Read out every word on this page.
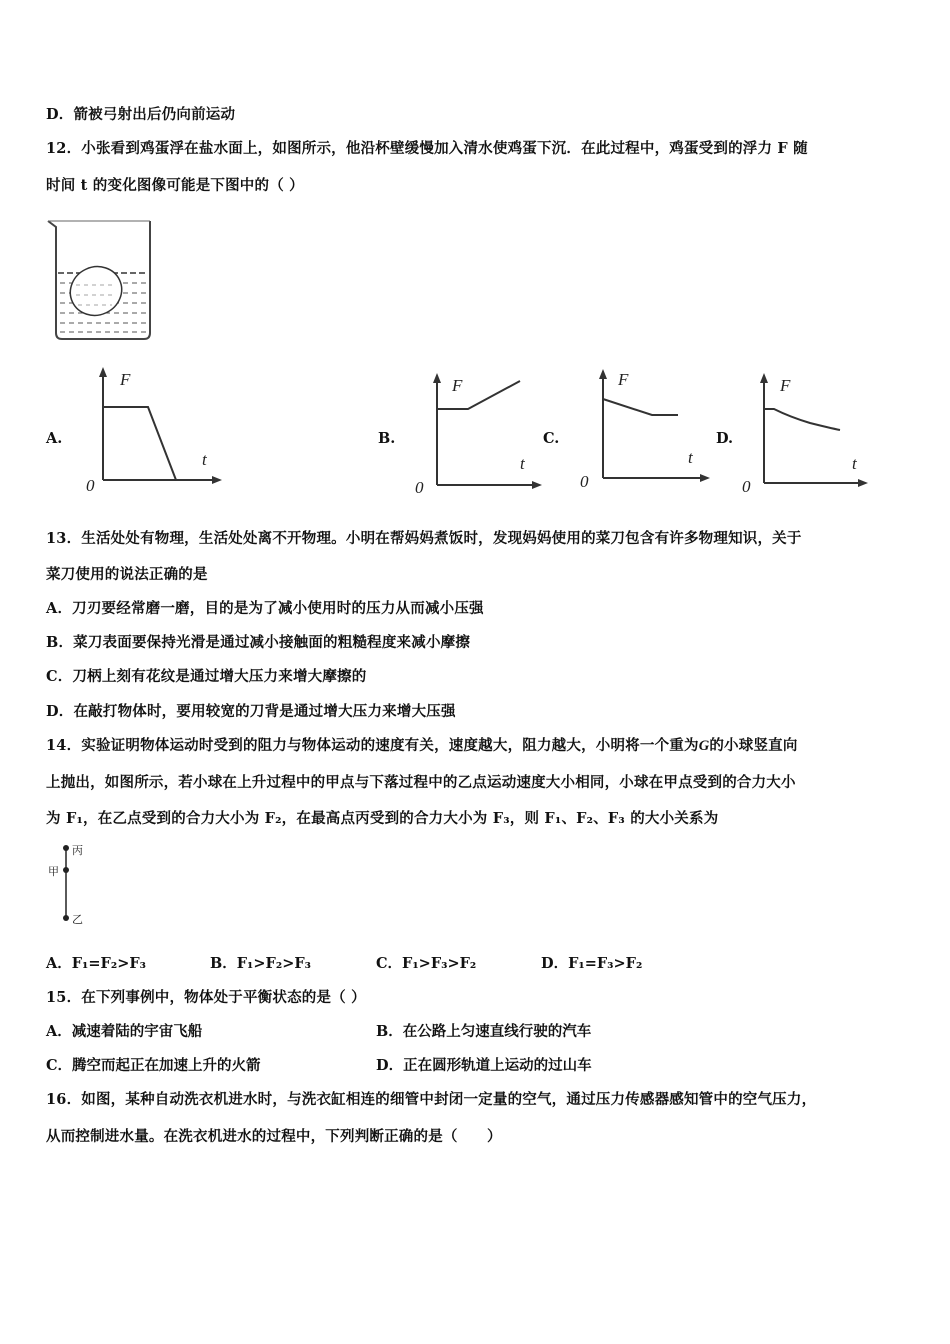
D．箭被弓射出后仍向前运动
12．小张看到鸡蛋浮在盐水面上，如图所示，他沿杯壁缓慢加入清水使鸡蛋下沉．在此过程中，鸡蛋受到的浮力 F 随
时间 t 的变化图像可能是下图中的（ ）
A.
F
t
0
B.
F
t
0
C.
F
t
0
D.
F
t
0
13．生活处处有物理，生活处处离不开物理。小明在帮妈妈煮饭时，发现妈妈使用的菜刀包含有许多物理知识，关于
菜刀使用的说法正确的是
A．刀刃要经常磨一磨，目的是为了减小使用时的压力从而减小压强
B．菜刀表面要保持光滑是通过减小接触面的粗糙程度来减小摩擦
C．刀柄上刻有花纹是通过增大压力来增大摩擦的
D．在敲打物体时，要用较宽的刀背是通过增大压力来增大压强
14．实验证明物体运动时受到的阻力与物体运动的速度有关，速度越大，阻力越大，小明将一个重为G的小球竖直向
上抛出，如图所示，若小球在上升过程中的甲点与下落过程中的乙点运动速度大小相同，小球在甲点受到的合力大小
为 F₁，在乙点受到的合力大小为 F₂，在最高点丙受到的合力大小为 F₃，则 F₁、F₂、F₃ 的大小关系为
丙
甲
乙
A．F₁=F₂>F₃	B．F₁>F₂>F₃	C．F₁>F₃>F₂	D．F₁=F₃>F₂
15．在下列事例中，物体处于平衡状态的是（ ）
A．减速着陆的宇宙飞船	B．在公路上匀速直线行驶的汽车
C．腾空而起正在加速上升的火箭	D．正在圆形轨道上运动的过山车
16．如图，某种自动洗衣机进水时，与洗衣缸相连的细管中封闭一定量的空气，通过压力传感器感知管中的空气压力，
从而控制进水量。在洗衣机进水的过程中，下列判断正确的是（　　）
